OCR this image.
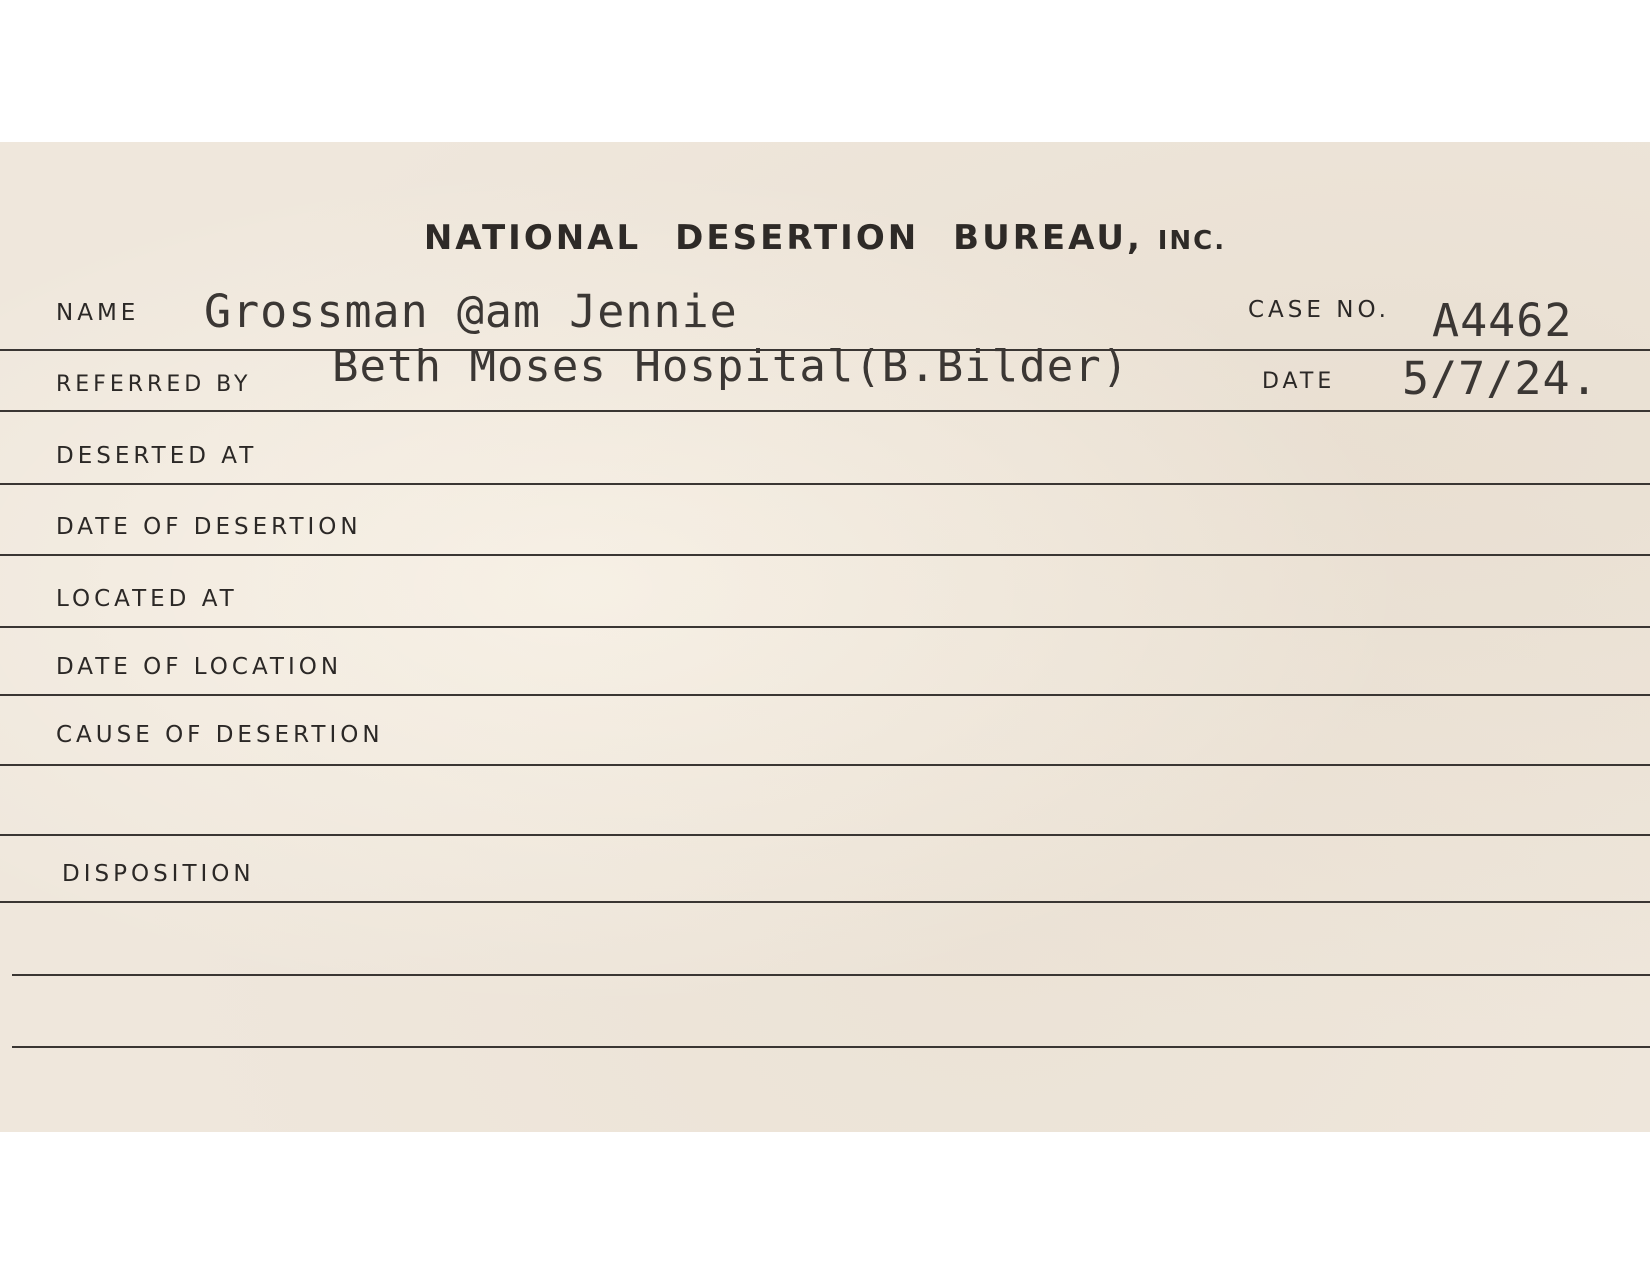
NATIONAL DESERTION BUREAU, INC.
NAME Grossman @am Jennie	CASE NO. A4462
REFERRED BY Beth Moses Hospital(B.Bilder)	DATE 5/7/24.
DESERTED AT
DATE OF DESERTION
LOCATED AT
DATE OF LOCATION
CAUSE OF DESERTION
DISPOSITION
